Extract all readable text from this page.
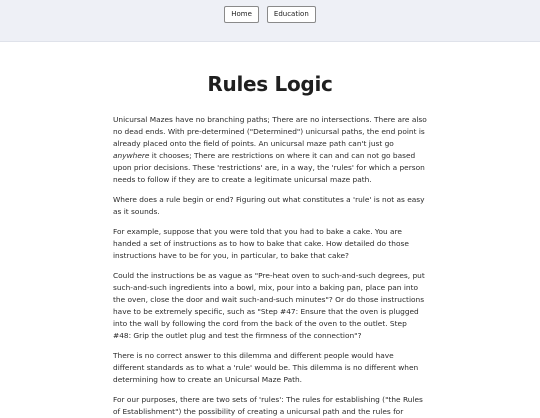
Home	Education
Rules Logic

Unicursal Mazes have no branching paths; There are no intersections. There are also no dead ends. With pre-determined ("Determined") unicursal paths, the end point is already placed onto the field of points. An unicursal maze path can't just go anywhere it chooses; There are restrictions on where it can and can not go based upon prior decisions. These 'restrictions' are, in a way, the 'rules' for which a person needs to follow if they are to create a legitimate unicursal maze path.

Where does a rule begin or end? Figuring out what constitutes a 'rule' is not as easy as it sounds.

For example, suppose that you were told that you had to bake a cake. You are handed a set of instructions as to how to bake that cake. How detailed do those instructions have to be for you, in particular, to bake that cake?

Could the instructions be as vague as "Pre-heat oven to such-and-such degrees, put such-and-such ingredients into a bowl, mix, pour into a baking pan, place pan into the oven, close the door and wait such-and-such minutes"? Or do those instructions have to be extremely specific, such as "Step #47: Ensure that the oven is plugged into the wall by following the cord from the back of the oven to the outlet. Step #48: Grip the outlet plug and test the firmness of the connection"?

There is no correct answer to this dilemma and different people would have different standards as to what a 'rule' would be. This dilemma is no different when determining how to create an Unicursal Maze Path.

For our purposes, there are two sets of 'rules': The rules for establishing ("the Rules of Establishment") the possibility of creating a unicursal path and the rules for
